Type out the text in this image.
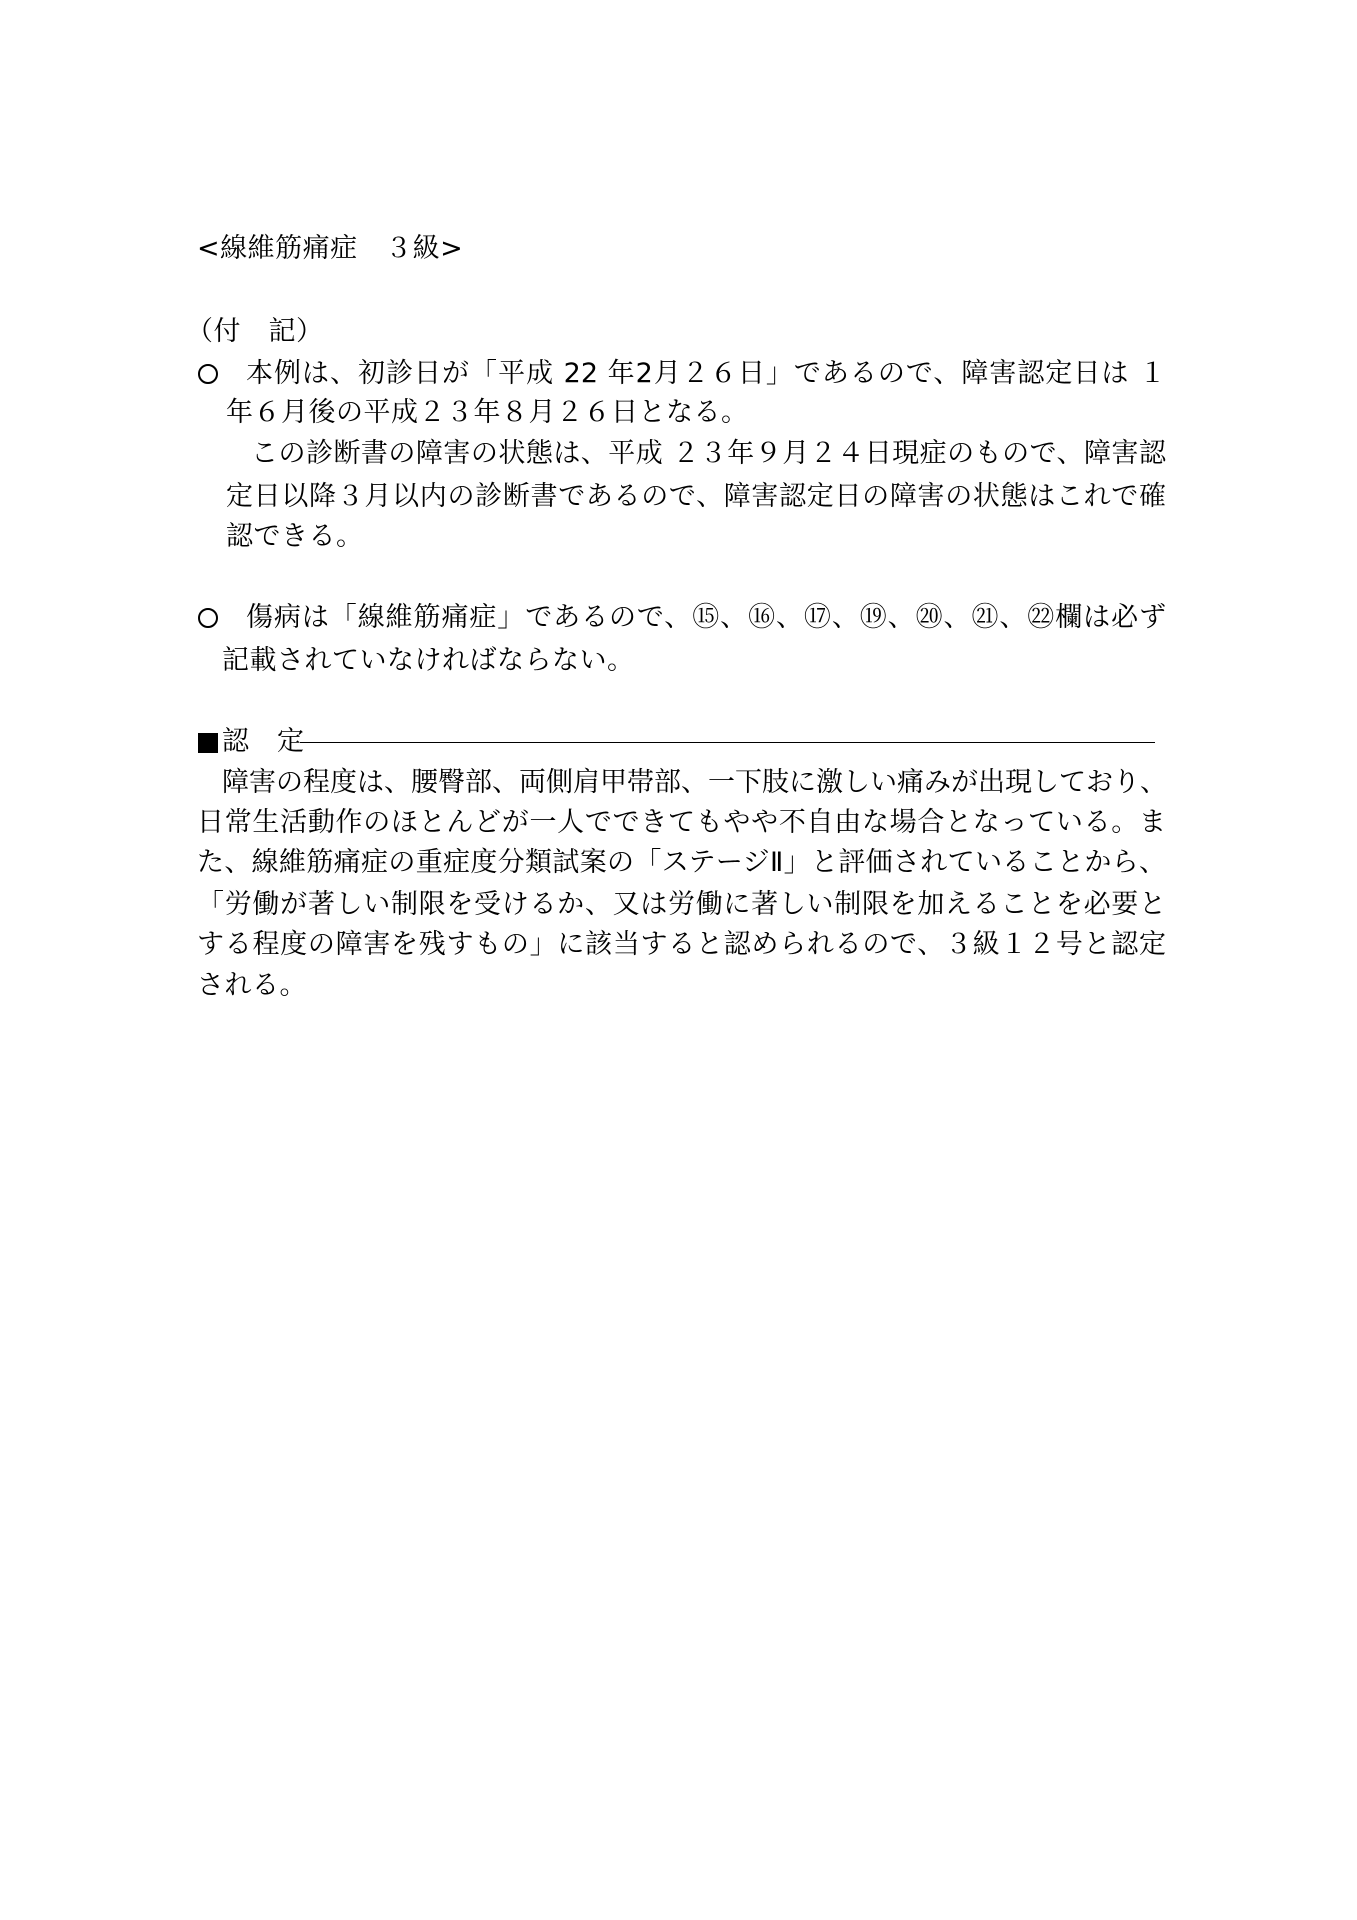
<線維筋痛症　３級>
（付　記）
本例は、初診日が「平成 22 年2月２６日」であるので、障害認定日は １
年６月後の平成２３年８月２６日となる。
この診断書の障害の状態は、平成 ２３年９月２４日現症のもので、障害認
定日以降３月以内の診断書であるので、障害認定日の障害の状態はこれで確
認できる。
傷病は「線維筋痛症」であるので、⑮、⑯、⑰、⑲、⑳、㉑、㉒欄は必ず
記載されていなければならない。
認　定
障害の程度は、腰臀部、両側肩甲帯部、一下肢に激しい痛みが出現しており、
日常生活動作のほとんどが一人でできてもやや不自由な場合となっている。ま
た、線維筋痛症の重症度分類試案の「ステージⅡ」と評価されていることから、
「労働が著しい制限を受けるか、又は労働に著しい制限を加えることを必要と
する程度の障害を残すもの」に該当すると認められるので、３級１２号と認定
される。
